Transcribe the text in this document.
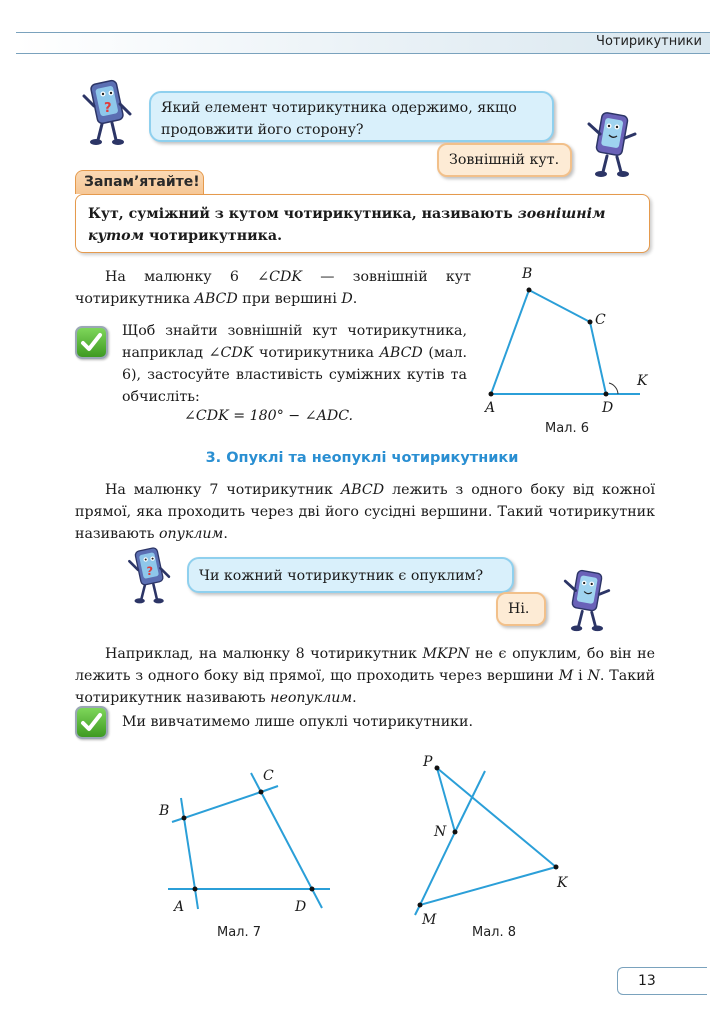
Чотирикутники
?	Який елемент чотирикутника одержимо, якщо продовжити його сторону?
Зовнішній кут.
Запам’ятайте!
Кут, суміжний з кутом чотирикутника, називають зовнішнім кутом чотирикутника.
На малюнку 6 ∠CDK — зовнішній кут чотирикутника ABCD при вершині D.
Щоб знайти зовнішній кут чотирикутника, наприклад ∠CDK чотирикутника ABCD (мал. 6), застосуйте властивість суміжних кутів та обчисліть:
∠CDK = 180° − ∠ADC.	A
B
C
D
K
Мал. 6
3. Опуклі та неопуклі чотирикутники
На малюнку 7 чотирикутник ABCD лежить з одного боку від кожної прямої, яка проходить через дві його сусідні вершини. Такий чотирикутник називають опуклим.
?	Чи кожний чотирикутник є опуклим?
Ні.
Наприклад, на малюнку 8 чотирикутник MKPN не є опуклим, бо він не лежить з одного боку від прямої, що проходить через вершини M і N. Такий чотирикутник називають неопуклим.
Ми вивчатимемо лише опуклі чотирикутники.
A
B
C
D
Мал. 7
P
N
K
M
Мал. 8
13
